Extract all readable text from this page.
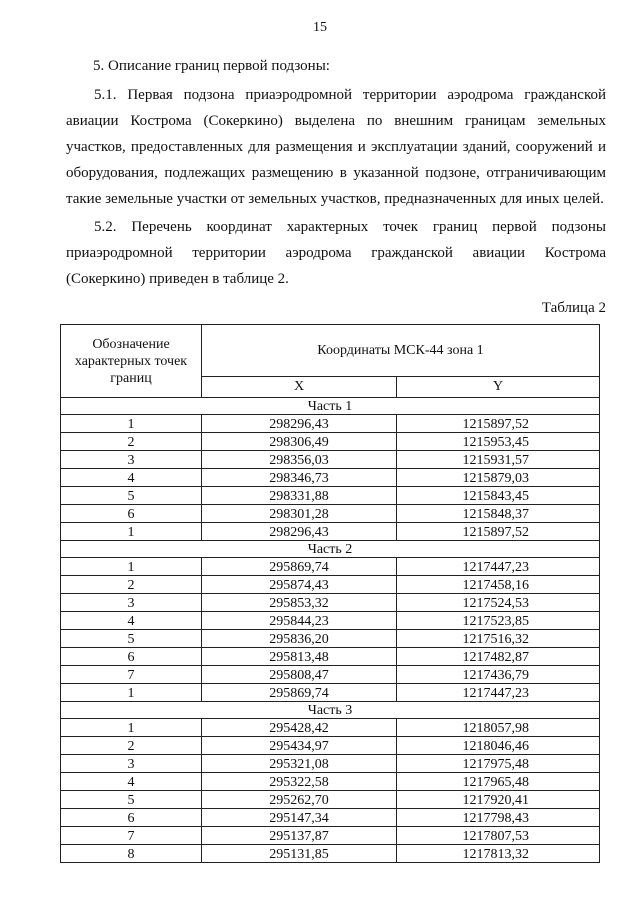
15
5. Описание границ первой подзоны:

5.1. Первая подзона приаэродромной территории аэродрома гражданской авиации Кострома (Сокеркино) выделена по внешним границам земельных участков, предоставленных для размещения и эксплуатации зданий, сооружений и оборудования, подлежащих размещению в указанной подзоне, отграничивающим такие земельные участки от земельных участков, предназначенных для иных целей.

5.2. Перечень координат характерных точек границ первой подзоны приаэродромной территории аэродрома гражданской авиации Кострома (Сокеркино) приведен в таблице 2.

Таблица 2
Обозначение характерных точек границ	Координаты МСК-44 зона 1	
	X	Y
Часть 1		
1	298296,43	1215897,52
2	298306,49	1215953,45
3	298356,03	1215931,57
4	298346,73	1215879,03
5	298331,88	1215843,45
6	298301,28	1215848,37
1	298296,43	1215897,52
Часть 2		
1	295869,74	1217447,23
2	295874,43	1217458,16
3	295853,32	1217524,53
4	295844,23	1217523,85
5	295836,20	1217516,32
6	295813,48	1217482,87
7	295808,47	1217436,79
1	295869,74	1217447,23
Часть 3		
1	295428,42	1218057,98
2	295434,97	1218046,46
3	295321,08	1217975,48
4	295322,58	1217965,48
5	295262,70	1217920,41
6	295147,34	1217798,43
7	295137,87	1217807,53
8	295131,85	1217813,32
